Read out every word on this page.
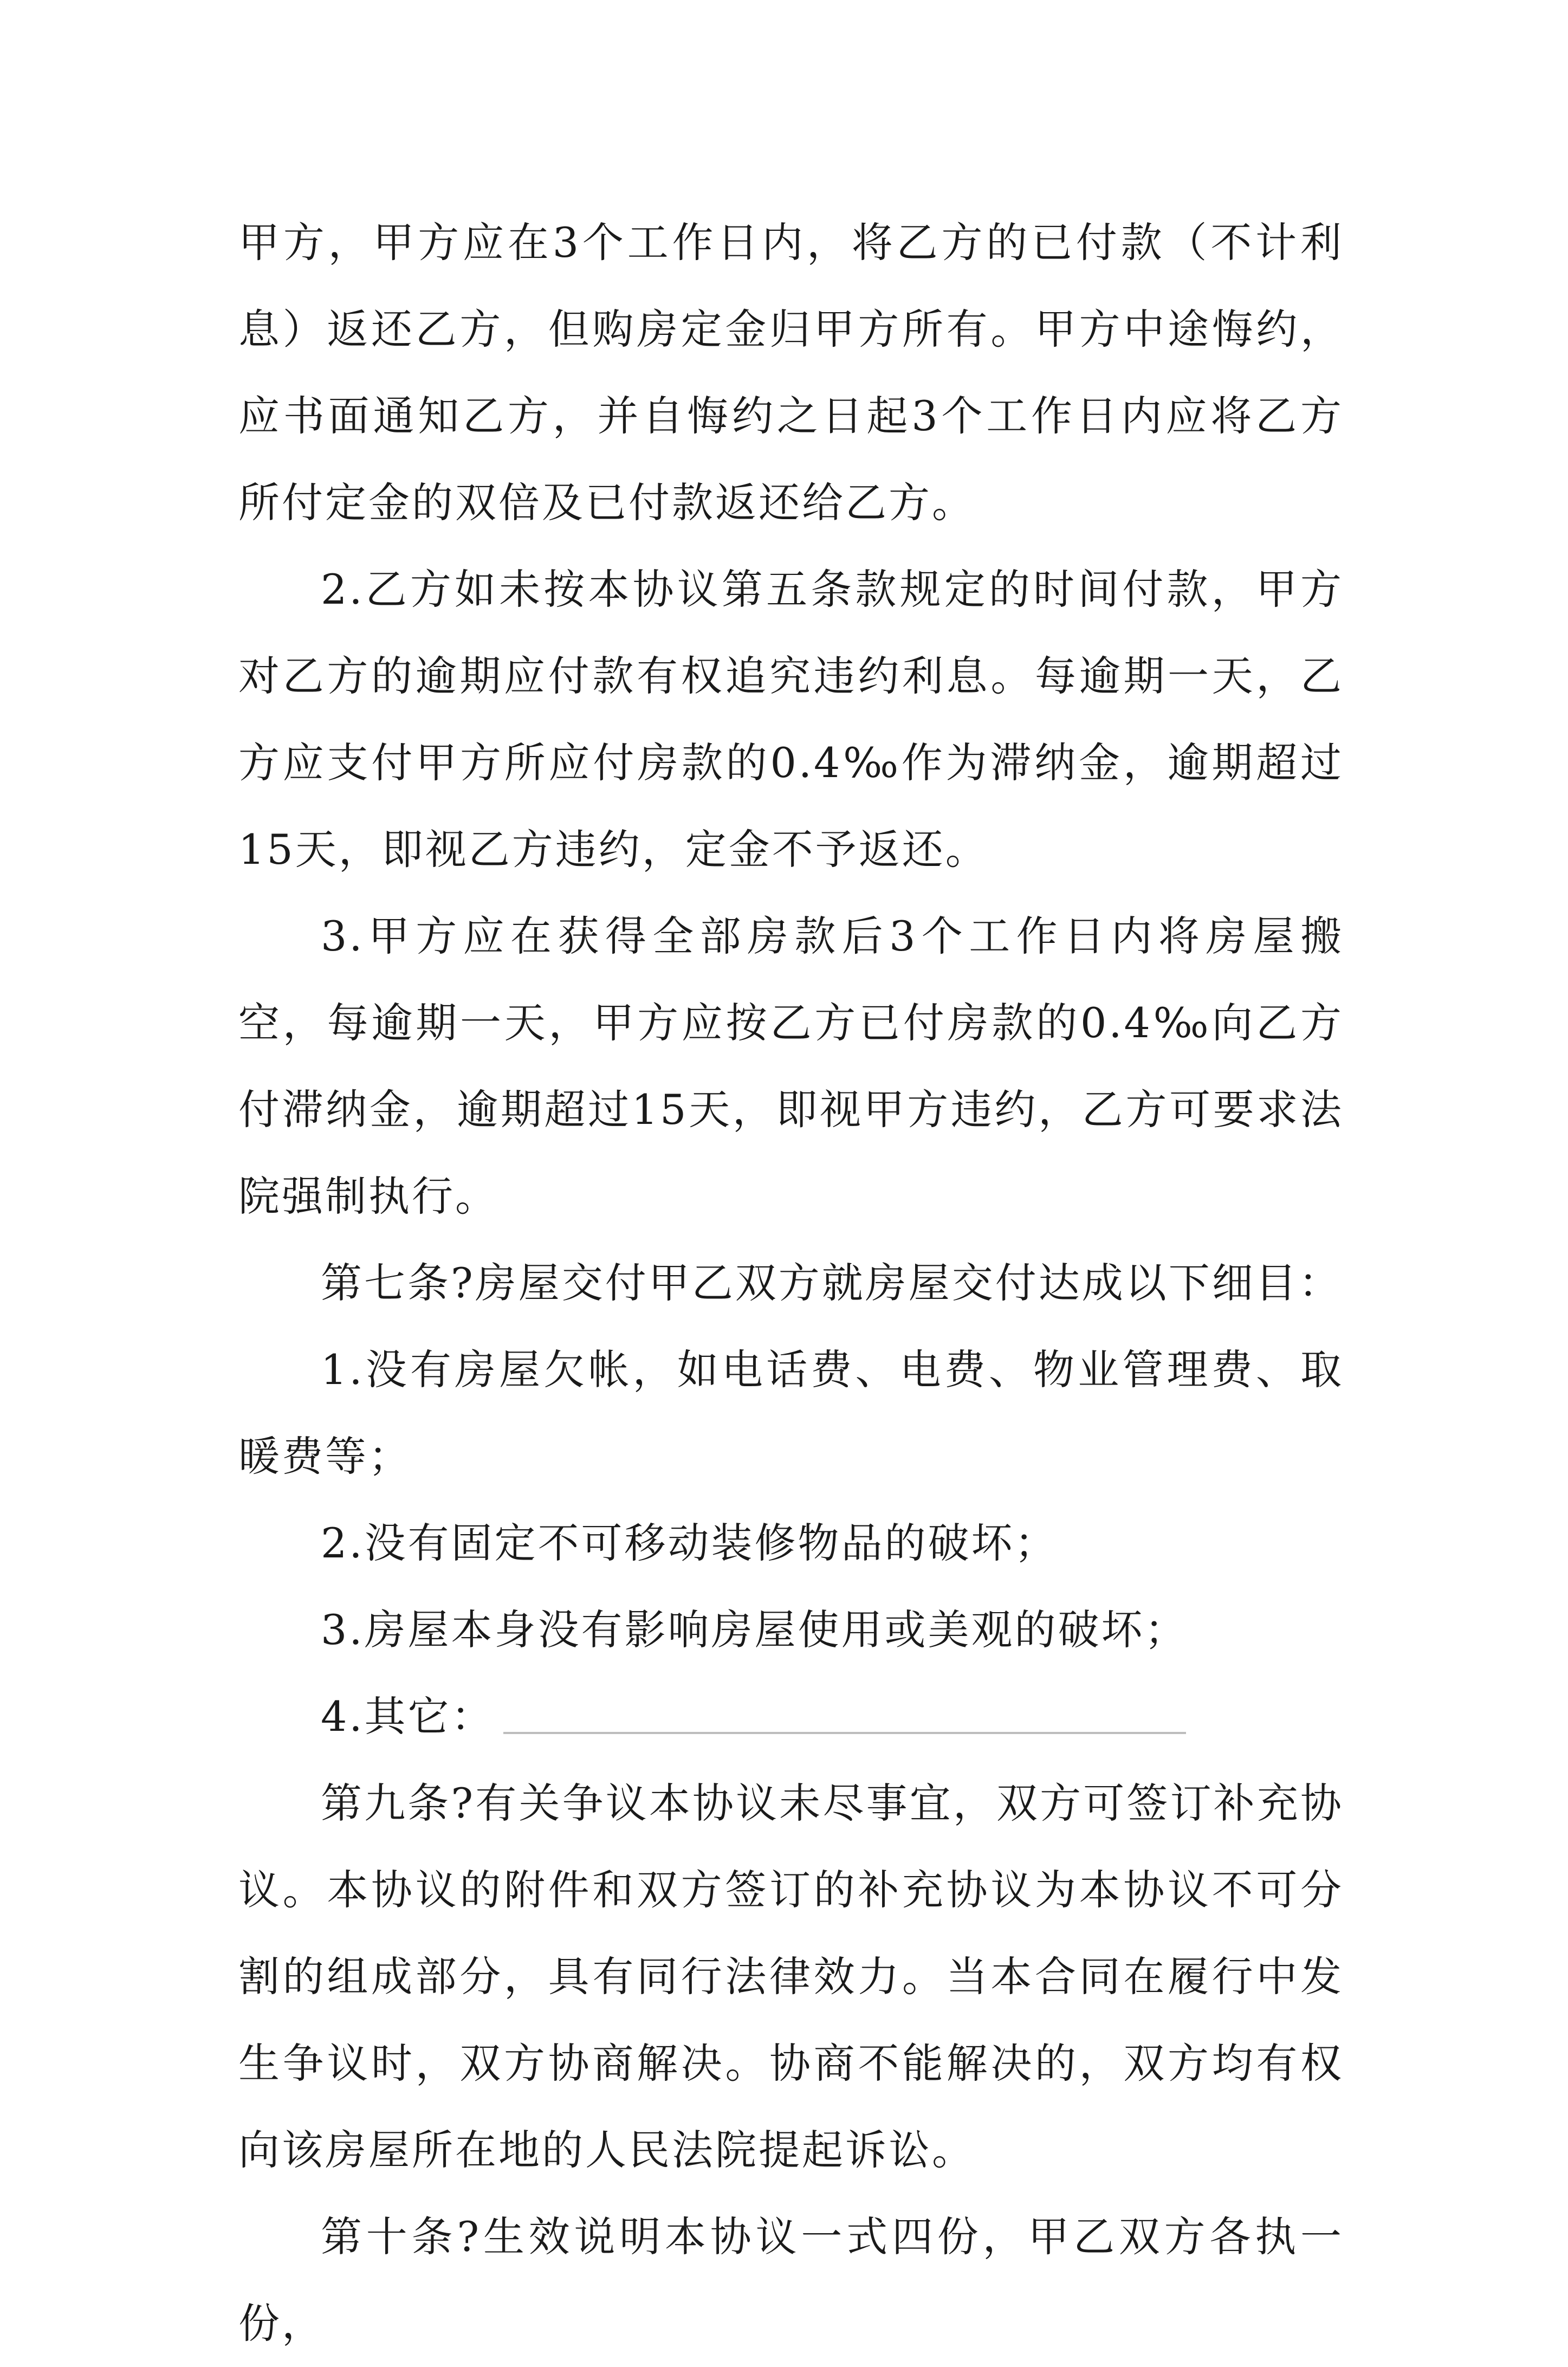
甲方，甲方应在3个工作日内，将乙方的已付款（不计利息）返还乙方，但购房定金归甲方所有。甲方中途悔约，应书面通知乙方，并自悔约之日起3个工作日内应将乙方所付定金的双倍及已付款返还给乙方。

2.乙方如未按本协议第五条款规定的时间付款，甲方对乙方的逾期应付款有权追究违约利息。每逾期一天，乙方应支付甲方所应付房款的0.4‰作为滞纳金，逾期超过15天，即视乙方违约，定金不予返还。

3.甲方应在获得全部房款后3个工作日内将房屋搬空，每逾期一天，甲方应按乙方已付房款的0.4‰向乙方付滞纳金，逾期超过15天，即视甲方违约，乙方可要求法院强制执行。

第七条?房屋交付甲乙双方就房屋交付达成以下细目：

1.没有房屋欠帐，如电话费、电费、物业管理费、取暖费等；

2.没有固定不可移动装修物品的破坏；

3.房屋本身没有影响房屋使用或美观的破坏；

4.其它：

第九条?有关争议本协议未尽事宜，双方可签订补充协议。本协议的附件和双方签订的补充协议为本协议不可分割的组成部分，具有同行法律效力。当本合同在履行中发生争议时，双方协商解决。协商不能解决的，双方均有权向该房屋所在地的人民法院提起诉讼。

第十条?生效说明本协议一式四份，甲乙双方各执一份，
